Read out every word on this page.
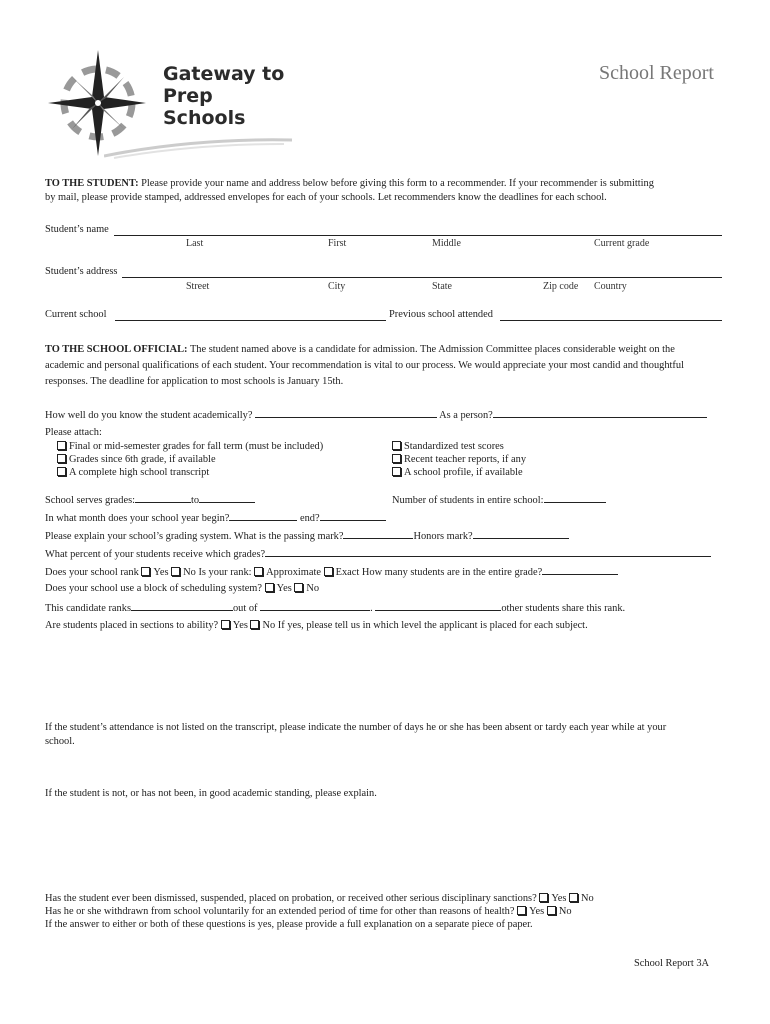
Gateway to
Prep
Schools
School Report
TO THE STUDENT: Please provide your name and address below before giving this form to a recommender. If your recommender is submitting
by mail, please provide stamped, addressed envelopes for each of your schools. Let recommenders know the deadlines for each school.
Student’s name
Last	First	Middle	Current grade
Student’s address
Street	City	State	Zip code Country
Current school	Previous school attended
TO THE SCHOOL OFFICIAL: The student named above is a candidate for admission. The Admission Committee places considerable weight on the
academic and personal qualifications of each student. Your recommendation is vital to our process. We would appreciate your most candid and thoughtful
responses. The deadline for application to most schools is January 15th.
How well do you know the student academically?	As a person?
Please attach:
Final or mid-semester grades for fall term (must be included)
Grades since 6th grade, if available
A complete high school transcript
Standardized test scores
Recent teacher reports, if any
A school profile, if available
School serves grades:	to	Number of students in entire school:
In what month does your school year begin?	end?
Please explain your school’s grading system. What is the passing mark?	Honors mark?
What percent of your students receive which grades?
Does your school rank Yes No Is your rank: Approximate Exact How many students are in the entire grade?
Does your school use a block of scheduling system? Yes No
This candidate ranks	out of	.	other students share this rank.
Are students placed in sections to ability? Yes No If yes, please tell us in which level the applicant is placed for each subject.
If the student’s attendance is not listed on the transcript, please indicate the number of days he or she has been absent or tardy each year while at your
school.
If the student is not, or has not been, in good academic standing, please explain.
Has the student ever been dismissed, suspended, placed on probation, or received other serious disciplinary sanctions? Yes No
Has he or she withdrawn from school voluntarily for an extended period of time for other than reasons of health? Yes No
If the answer to either or both of these questions is yes, please provide a full explanation on a separate piece of paper.
School Report 3A
